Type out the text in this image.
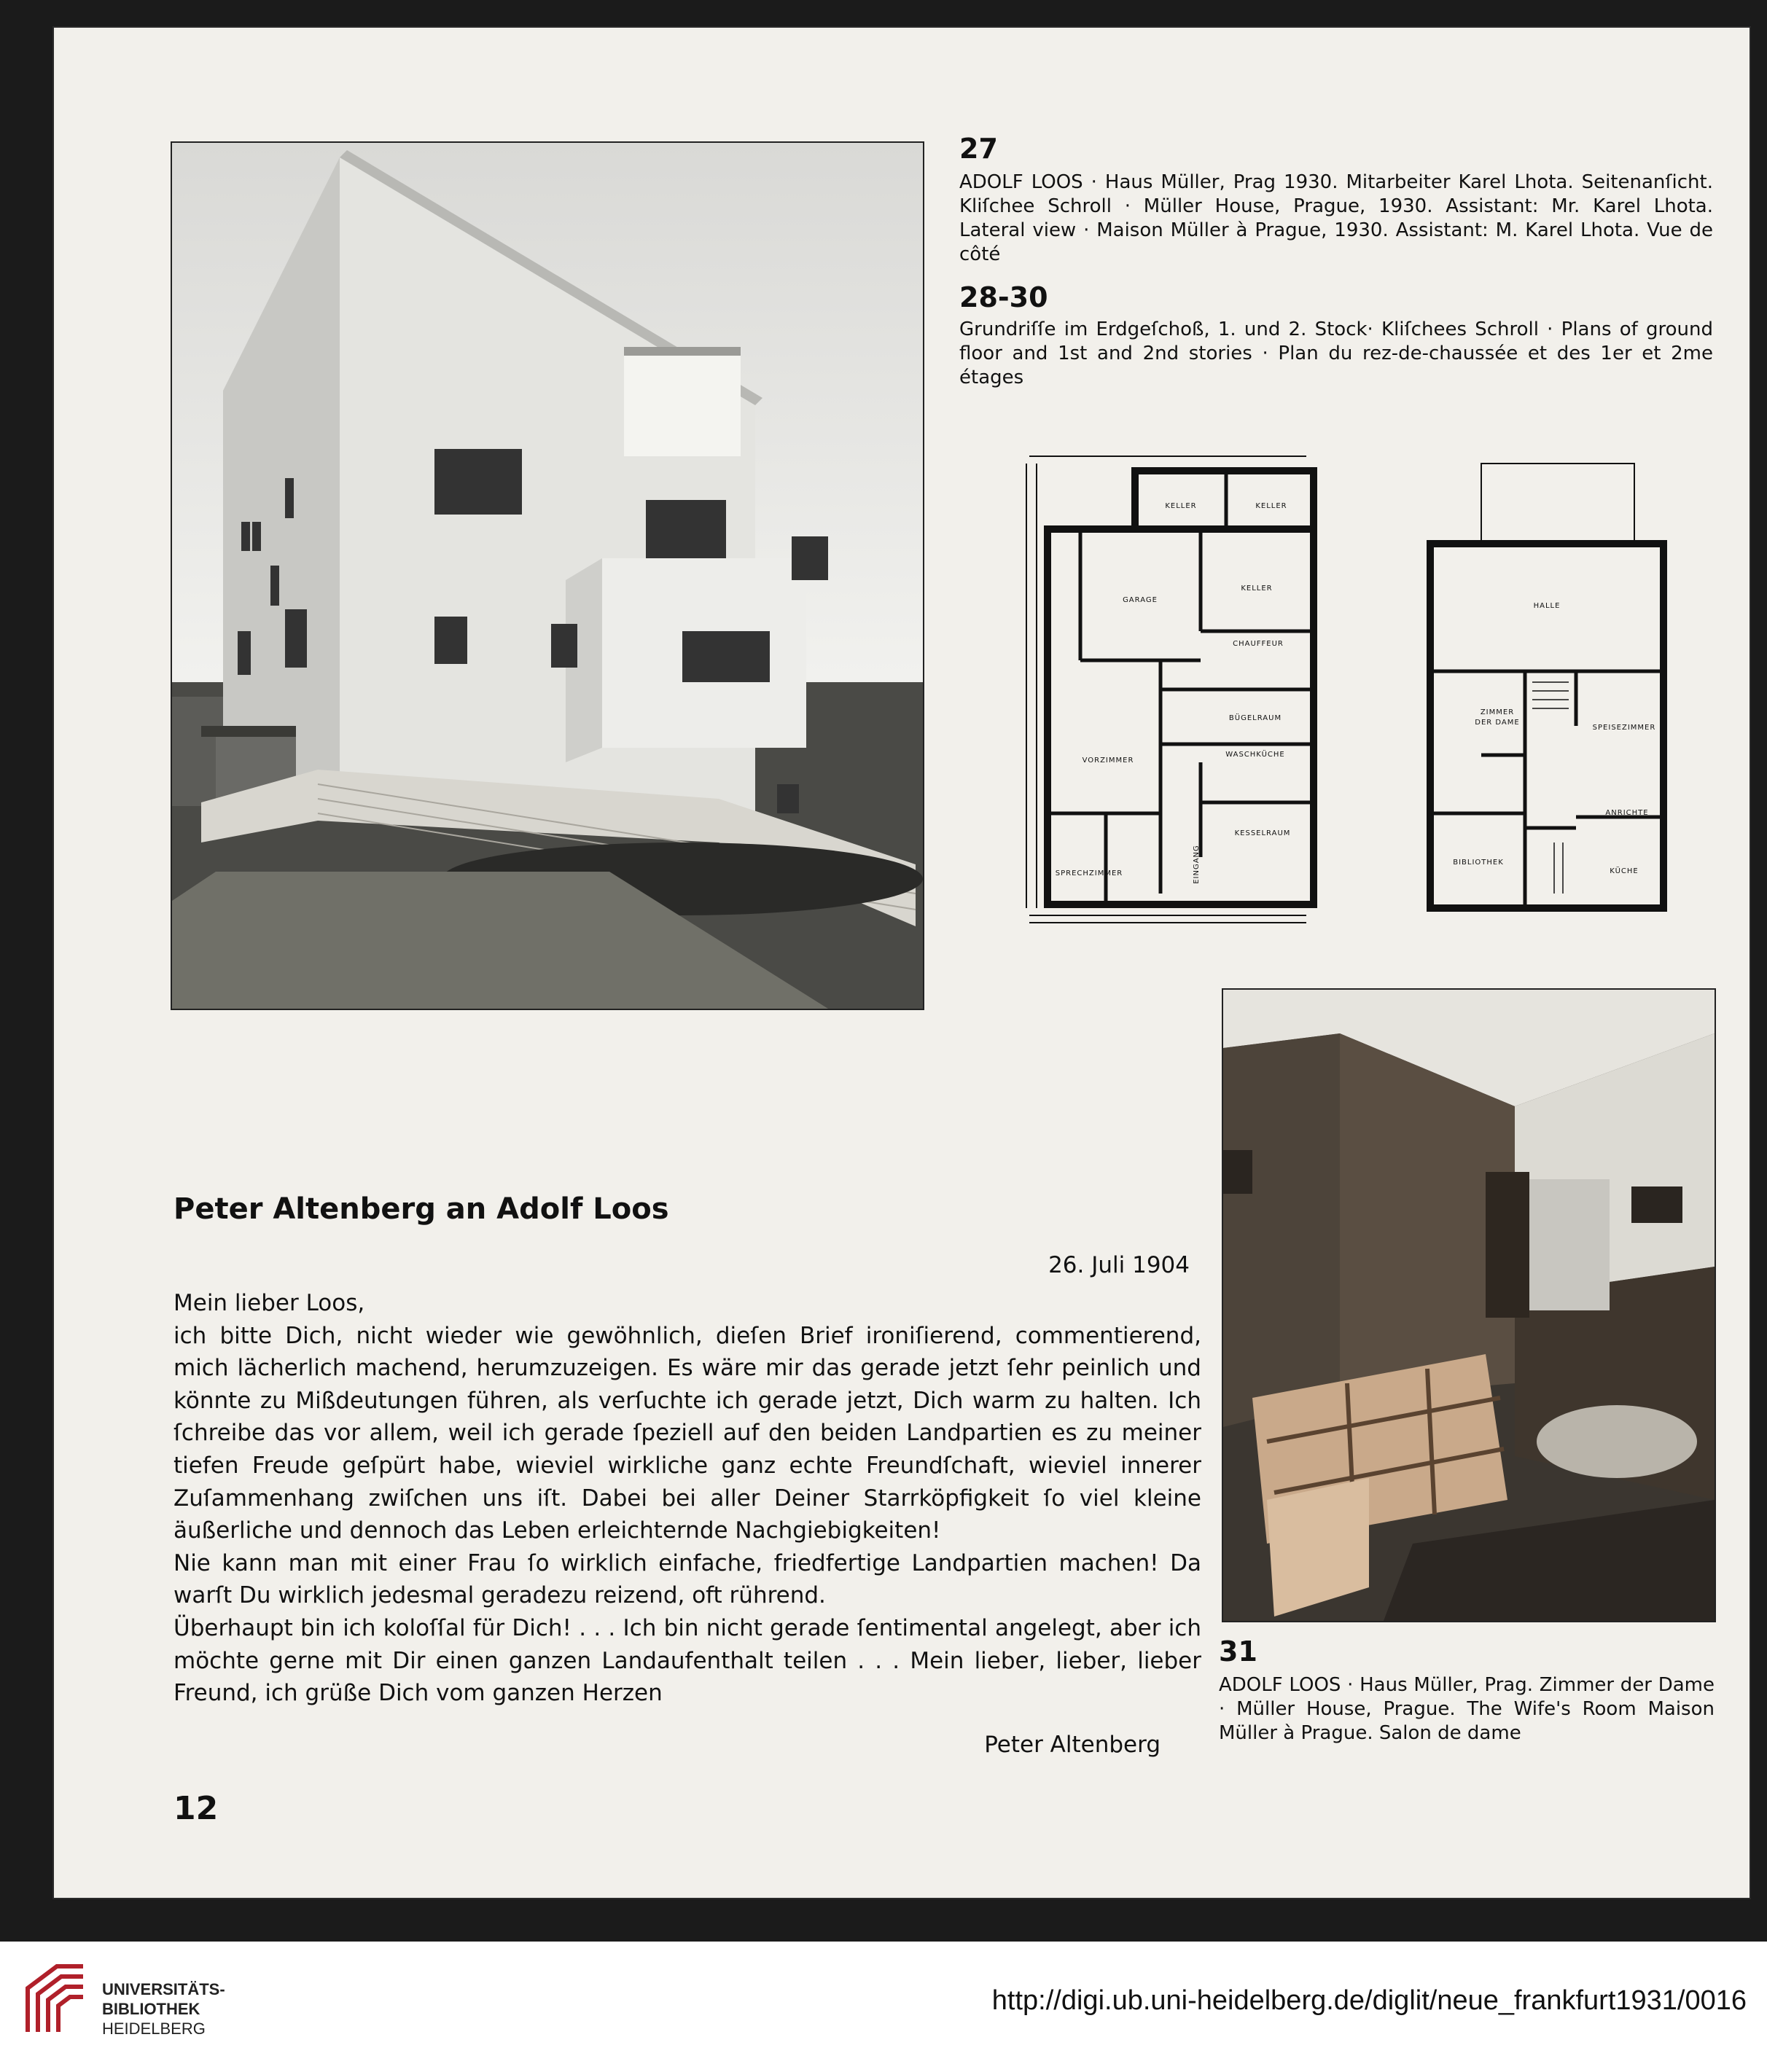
27
ADOLF LOOS · Haus Müller, Prag 1930. Mitarbeiter Karel Lhota. Seitenanſicht. Kliſchee Schroll · Müller House, Prague, 1930. Assistant: Mr. Karel Lhota. Lateral view · Maison Müller à Prague, 1930. Assistant: M. Karel Lhota. Vue de côté
28-30
Grundriſſe im Erdgeſchoß, 1. und 2. Stock· Kliſchees Schroll · Plans of ground floor and 1st and 2nd stories · Plan du rez-de-chaussée et des 1er et 2me étages
KELLER	KELLER
GARAGE
KELLER
CHAUFFEUR
BÜGELRAUM
WASCHKÜCHE
VORZIMMER
KESSELRAUM
SPRECHZIMMER	EINGANG
HALLE
ZIMMER
DER DAME
SPEISEZIMMER
ANRICHTE
BIBLIOTHEK
KÜCHE
31
ADOLF LOOS · Haus Müller, Prag. Zimmer der Dame · Müller House, Prague. The Wife's Room Maison Müller à Prague. Salon de dame
Peter Altenberg an Adolf Loos
26. Juli 1904

Mein lieber Loos,

ich bitte Dich, nicht wieder wie gewöhnlich, dieſen Brief ironiſierend, commentierend, mich lächerlich machend, herumzuzeigen. Es wäre mir das gerade jetzt ſehr peinlich und könnte zu Mißdeutungen führen, als verſuchte ich gerade jetzt, Dich warm zu halten. Ich ſchreibe das vor allem, weil ich gerade ſpeziell auf den beiden Landpartien es zu meiner tiefen Freude geſpürt habe, wieviel wirkliche ganz echte Freundſchaft, wieviel innerer Zuſammenhang zwiſchen uns iſt. Dabei bei aller Deiner Starrköpfigkeit ſo viel kleine äußerliche und dennoch das Leben erleichternde Nachgiebigkeiten!

Nie kann man mit einer Frau ſo wirklich einfache, friedfertige Landpartien machen! Da warſt Du wirklich jedesmal geradezu reizend, oft rührend.

Überhaupt bin ich koloſſal für Dich! . . . Ich bin nicht gerade ſentimental angelegt, aber ich möchte gerne mit Dir einen ganzen Landaufenthalt teilen . . . Mein lieber, lieber, lieber Freund, ich grüße Dich vom ganzen Herzen

Peter Altenberg
12
UNIVERSITÄTS-
BIBLIOTHEK
HEIDELBERG
http://digi.ub.uni-heidelberg.de/diglit/neue_frankfurt1931/0016
